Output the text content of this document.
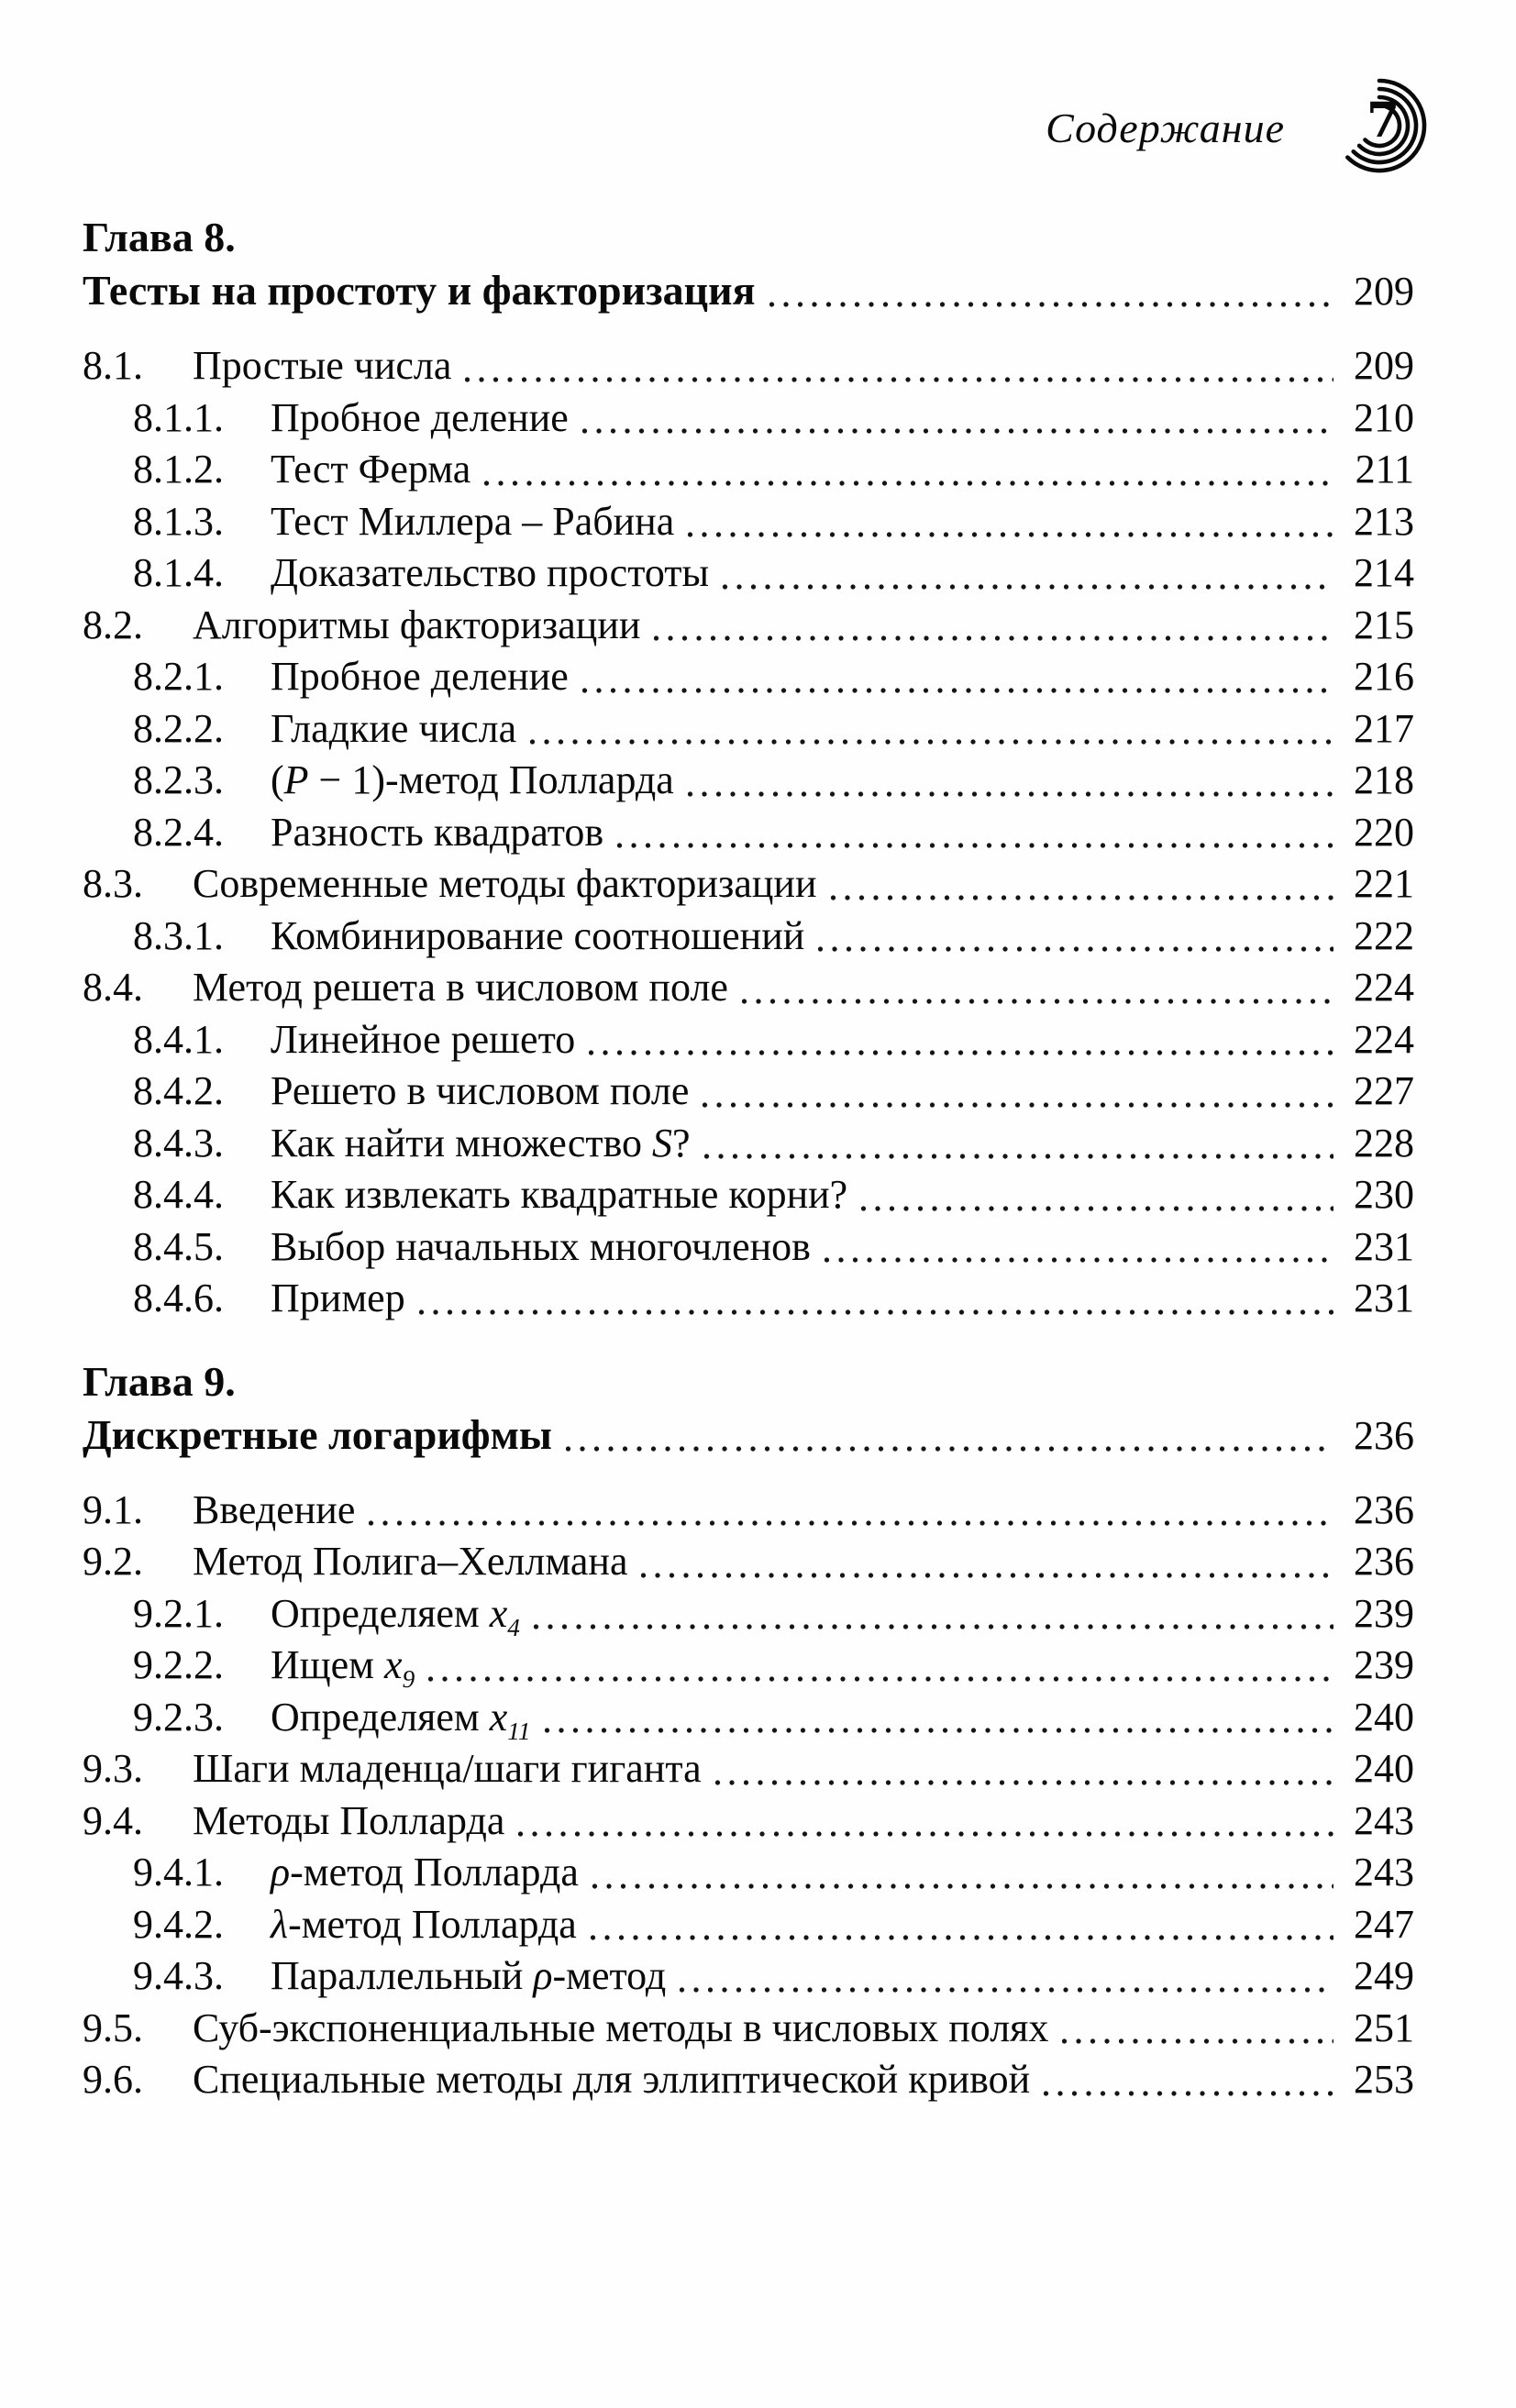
Содержание 7
Глава 8.
Тесты на простоту и факторизация	209
8.1.	Простые числа	209
8.1.1.	Пробное деление	210
8.1.2.	Тест Ферма	211
8.1.3.	Тест Миллера – Рабина	213
8.1.4.	Доказательство простоты	214
8.2.	Алгоритмы факторизации	215
8.2.1.	Пробное деление	216
8.2.2.	Гладкие числа	217
8.2.3.	(P − 1)-метод Полларда	218
8.2.4.	Разность квадратов	220
8.3.	Современные методы факторизации	221
8.3.1.	Комбинирование соотношений	222
8.4.	Метод решета в числовом поле	224
8.4.1.	Линейное решето	224
8.4.2.	Решето в числовом поле	227
8.4.3.	Как найти множество S?	228
8.4.4.	Как извлекать квадратные корни?	230
8.4.5.	Выбор начальных многочленов	231
8.4.6.	Пример	231
Глава 9.
Дискретные логарифмы	236
9.1.	Введение	236
9.2.	Метод Полига–Хеллмана	236
9.2.1.	Определяем $x_4$	239
9.2.2.	Ищем $x_9$	239
9.2.3.	Определяем $x_{11}$	240
9.3.	Шаги младенца/шаги гиганта	240
9.4.	Методы Полларда	243
9.4.1.	ρ-метод Полларда	243
9.4.2.	λ-метод Полларда	247
9.4.3.	Параллельный ρ-метод	249
9.5.	Суб-экспоненциальные методы в числовых полях	251
9.6.	Специальные методы для эллиптической кривой	253
